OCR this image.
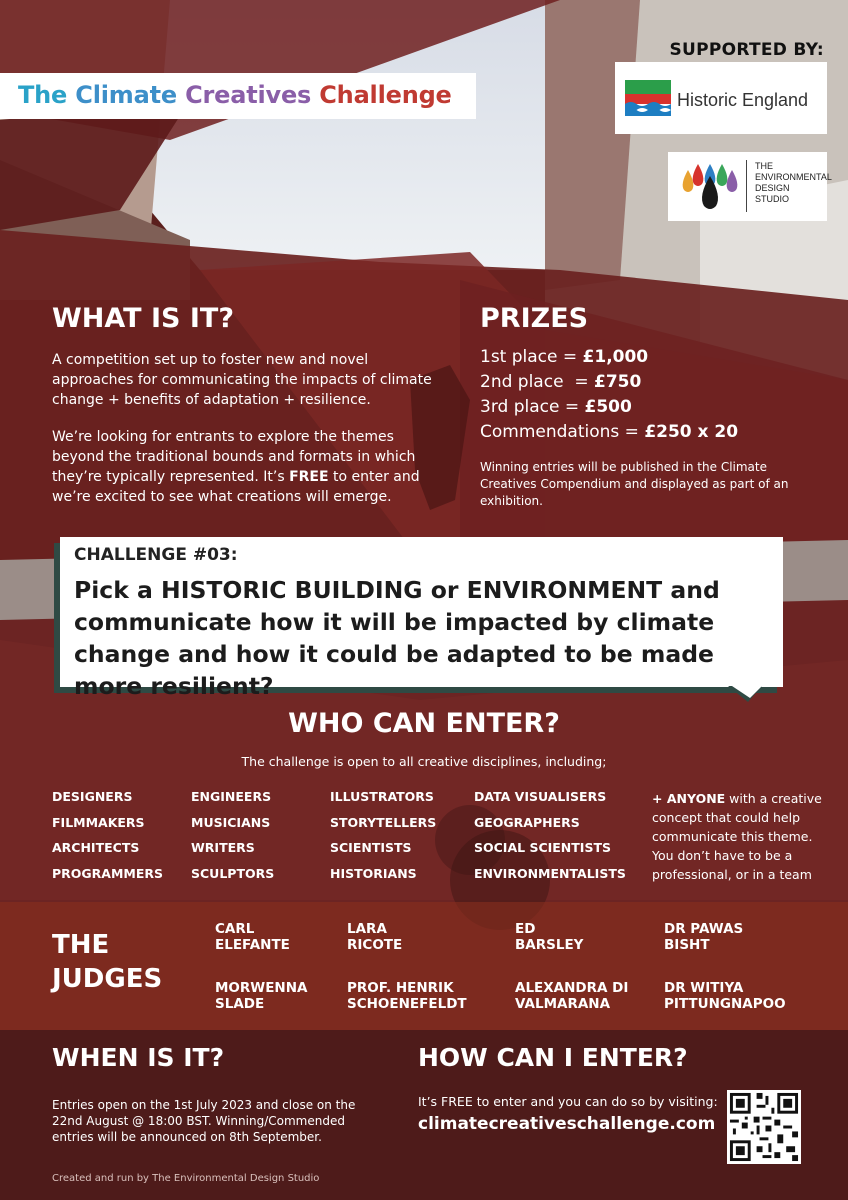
The Climate Creatives Challenge
SUPPORTED BY:
Historic England
THE
ENVIRONMENTAL
DESIGN
STUDIO
WHAT IS IT?
A competition set up to foster new and novel approaches for communicating the impacts of climate change + benefits of adaptation + resilience.
We’re looking for entrants to explore the themes beyond the traditional bounds and formats in which they’re typically represented. It’s FREE to enter and we’re excited to see what creations will emerge.
PRIZES
1st place = £1,000
2nd place  = £750
3rd place = £500
Commendations = £250 x 20
Winning entries will be published in the Climate Creatives Compendium and displayed as part of an exhibition.
CHALLENGE #03:
Pick a HISTORIC BUILDING or ENVIRONMENT and communicate how it will be impacted by climate change and how it could be adapted to be made more resilient?
WHO CAN ENTER?
The challenge is open to all creative disciplines, including;
DESIGNERS
FILMMAKERS
ARCHITECTS
PROGRAMMERS
ENGINEERS
MUSICIANS
WRITERS
SCULPTORS
ILLUSTRATORS
STORYTELLERS
SCIENTISTS
HISTORIANS
DATA VISUALISERS
GEOGRAPHERS
SOCIAL SCIENTISTS
ENVIRONMENTALISTS
+ ANYONE with a creative concept that could help communicate this theme. You don’t have to be a professional, or in a team
THE
JUDGES
CARL
ELEFANTE
LARA
RICOTE
ED
BARSLEY
DR PAWAS
BISHT
MORWENNA
SLADE
PROF. HENRIK
SCHOENEFELDT
ALEXANDRA DI
VALMARANA
DR WITIYA
PITTUNGNAPOO
WHEN IS IT?
Entries open on the 1st July 2023 and close on the 22nd August @ 18:00 BST. Winning/Commended entries will be announced on 8th September.
HOW CAN I ENTER?
It’s FREE to enter and you can do so by visiting:
climatecreativeschallenge.com
Created and run by The Environmental Design Studio
